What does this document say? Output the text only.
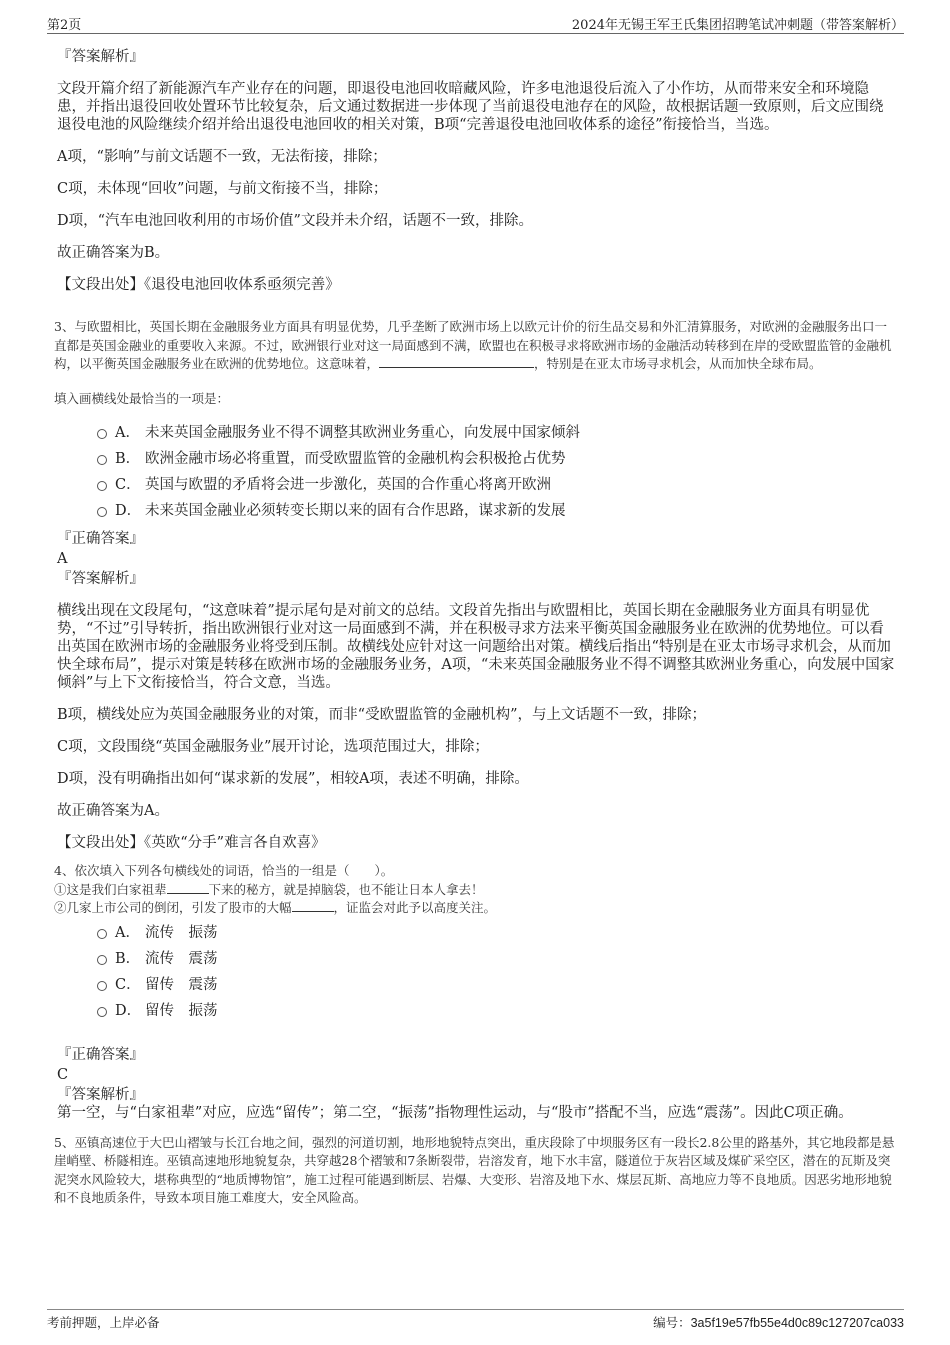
第2页	2024年无锡王军王氏集团招聘笔试冲刺题（带答案解析）

『答案解析』

文段开篇介绍了新能源汽车产业存在的问题，即退役电池回收暗藏风险，许多电池退役后流入了小作坊，从而带来安全和环境隐患，并指出退役回收处置环节比较复杂，后文通过数据进一步体现了当前退役电池存在的风险，故根据话题一致原则，后文应围绕退役电池的风险继续介绍并给出退役电池回收的相关对策，B项“完善退役电池回收体系的途径”衔接恰当，当选。

A项，“影响”与前文话题不一致，无法衔接，排除；

C项，未体现“回收”问题，与前文衔接不当，排除；

D项，“汽车电池回收利用的市场价值”文段并未介绍，话题不一致，排除。

故正确答案为B。

【文段出处】《退役电池回收体系亟须完善》

3、与欧盟相比，英国长期在金融服务业方面具有明显优势，几乎垄断了欧洲市场上以欧元计价的衍生品交易和外汇清算服务，对欧洲的金融服务出口一直都是英国金融业的重要收入来源。不过，欧洲银行业对这一局面感到不满，欧盟也在积极寻求将欧洲市场的金融活动转移到在岸的受欧盟监管的金融机构，以平衡英国金融服务业在欧洲的优势地位。这意味着，	，特别是在亚太市场寻求机会，从而加快全球布局。

填入画横线处最恰当的一项是：

A． 未来英国金融服务业不得不调整其欧洲业务重心，向发展中国家倾斜
B． 欧洲金融市场必将重置，而受欧盟监管的金融机构会积极抢占优势
C． 英国与欧盟的矛盾将会进一步激化，英国的合作重心将离开欧洲
D． 未来英国金融业必须转变长期以来的固有合作思路，谋求新的发展

『正确答案』

A

『答案解析』

横线出现在文段尾句，“这意味着”提示尾句是对前文的总结。文段首先指出与欧盟相比，英国长期在金融服务业方面具有明显优势，“不过”引导转折，指出欧洲银行业对这一局面感到不满，并在积极寻求方法来平衡英国金融服务业在欧洲的优势地位。可以看出英国在欧洲市场的金融服务业将受到压制。故横线处应针对这一问题给出对策。横线后指出“特别是在亚太市场寻求机会，从而加快全球布局”，提示对策是转移在欧洲市场的金融服务业务，A项，“未来英国金融服务业不得不调整其欧洲业务重心，向发展中国家倾斜”与上下文衔接恰当，符合文意，当选。

B项，横线处应为英国金融服务业的对策，而非“受欧盟监管的金融机构”，与上文话题不一致，排除；

C项，文段围绕“英国金融服务业”展开讨论，选项范围过大，排除；

D项，没有明确指出如何“谋求新的发展”，相较A项，表述不明确，排除。

故正确答案为A。

【文段出处】《英欧“分手”难言各自欢喜》

4、依次填入下列各句横线处的词语，恰当的一组是（　　）。

①这是我们白家祖辈	下来的秘方，就是掉脑袋，也不能让日本人拿去！

②几家上市公司的倒闭，引发了股市的大幅	，证监会对此予以高度关注。

A． 流传　振荡
B． 流传　震荡
C． 留传　震荡
D． 留传　振荡

『正确答案』

C

『答案解析』

第一空，与“白家祖辈”对应，应选“留传”；第二空，“振荡”指物理性运动，与“股市”搭配不当，应选“震荡”。因此C项正确。

5、巫镇高速位于大巴山褶皱与长江台地之间，强烈的河道切割，地形地貌特点突出，重庆段除了中坝服务区有一段长2.8公里的路基外，其它地段都是悬崖峭壁、桥隧相连。巫镇高速地形地貌复杂，共穿越28个褶皱和7条断裂带，岩溶发育，地下水丰富，隧道位于灰岩区域及煤矿采空区，潜在的瓦斯及突泥突水风险较大，堪称典型的“地质博物馆”，施工过程可能遇到断层、岩爆、大变形、岩溶及地下水、煤层瓦斯、高地应力等不良地质。因恶劣地形地貌和不良地质条件，导致本项目施工难度大，安全风险高。

考前押题，上岸必备	编号：3a5f19e57fb55e4d0c89c127207ca033
